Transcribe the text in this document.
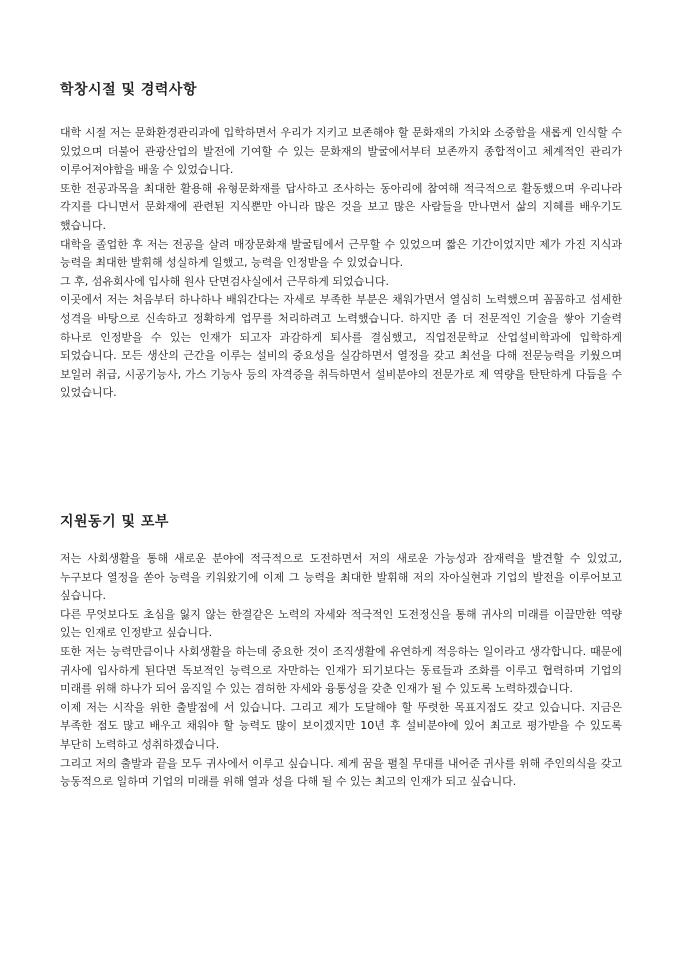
학창시절 및 경력사항

대학 시절 저는 문화환경관리과에 입학하면서 우리가 지키고 보존해야 할 문화재의 가치와 소중함을 새롭게 인식할 수 있었으며 더불어 관광산업의 발전에 기여할 수 있는 문화재의 발굴에서부터 보존까지 종합적이고 체계적인 관리가 이루어져야함을 배울 수 있었습니다.

또한 전공과목을 최대한 활용해 유형문화재를 답사하고 조사하는 동아리에 참여해 적극적으로 활동했으며 우리나라 각지를 다니면서 문화재에 관련된 지식뿐만 아니라 많은 것을 보고 많은 사람들을 만나면서 삶의 지혜를 배우기도 했습니다.

대학을 졸업한 후 저는 전공을 살려 매장문화재 발굴팀에서 근무할 수 있었으며 짧은 기간이었지만 제가 가진 지식과 능력을 최대한 발휘해 성실하게 일했고, 능력을 인정받을 수 있었습니다.

그 후, 섬유회사에 입사해 원사 단면검사실에서 근무하게 되었습니다.

이곳에서 저는 처음부터 하나하나 배워간다는 자세로 부족한 부분은 채워가면서 열심히 노력했으며 꼼꼼하고 섬세한 성격을 바탕으로 신속하고 정확하게 업무를 처리하려고 노력했습니다. 하지만 좀 더 전문적인 기술을 쌓아 기술력 하나로 인정받을 수 있는 인재가 되고자 과감하게 퇴사를 결심했고, 직업전문학교 산업설비학과에 입학하게 되었습니다. 모든 생산의 근간을 이루는 설비의 중요성을 실감하면서 열정을 갖고 최선을 다해 전문능력을 키웠으며 보일러 취급, 시공기능사, 가스 기능사 등의 자격증을 취득하면서 설비분야의 전문가로 제 역량을 탄탄하게 다듬을 수 있었습니다.

지원동기 및 포부

저는 사회생활을 통해 새로운 분야에 적극적으로 도전하면서 저의 새로운 가능성과 잠재력을 발견할 수 있었고, 누구보다 열정을 쏟아 능력을 키워왔기에 이제 그 능력을 최대한 발휘해 저의 자아실현과 기업의 발전을 이루어보고 싶습니다.

다른 무엇보다도 초심을 잃지 않는 한결같은 노력의 자세와 적극적인 도전정신을 통해 귀사의 미래를 이끌만한 역량 있는 인재로 인정받고 싶습니다.

또한 저는 능력만큼이나 사회생활을 하는데 중요한 것이 조직생활에 유연하게 적응하는 일이라고 생각합니다. 때문에 귀사에 입사하게 된다면 독보적인 능력으로 자만하는 인재가 되기보다는 동료들과 조화를 이루고 협력하며 기업의 미래를 위해 하나가 되어 움직일 수 있는 겸허한 자세와 융통성을 갖춘 인재가 될 수 있도록 노력하겠습니다.

이제 저는 시작을 위한 출발점에 서 있습니다. 그리고 제가 도달해야 할 뚜렷한 목표지점도 갖고 있습니다. 지금은 부족한 점도 많고 배우고 채워야 할 능력도 많이 보이겠지만 10년 후 설비분야에 있어 최고로 평가받을 수 있도록 부단히 노력하고 성취하겠습니다.

그리고 저의 출발과 끝을 모두 귀사에서 이루고 싶습니다. 제게 꿈을 펼칠 무대를 내어준 귀사를 위해 주인의식을 갖고 능동적으로 일하며 기업의 미래를 위해 열과 성을 다해 될 수 있는 최고의 인재가 되고 싶습니다.
